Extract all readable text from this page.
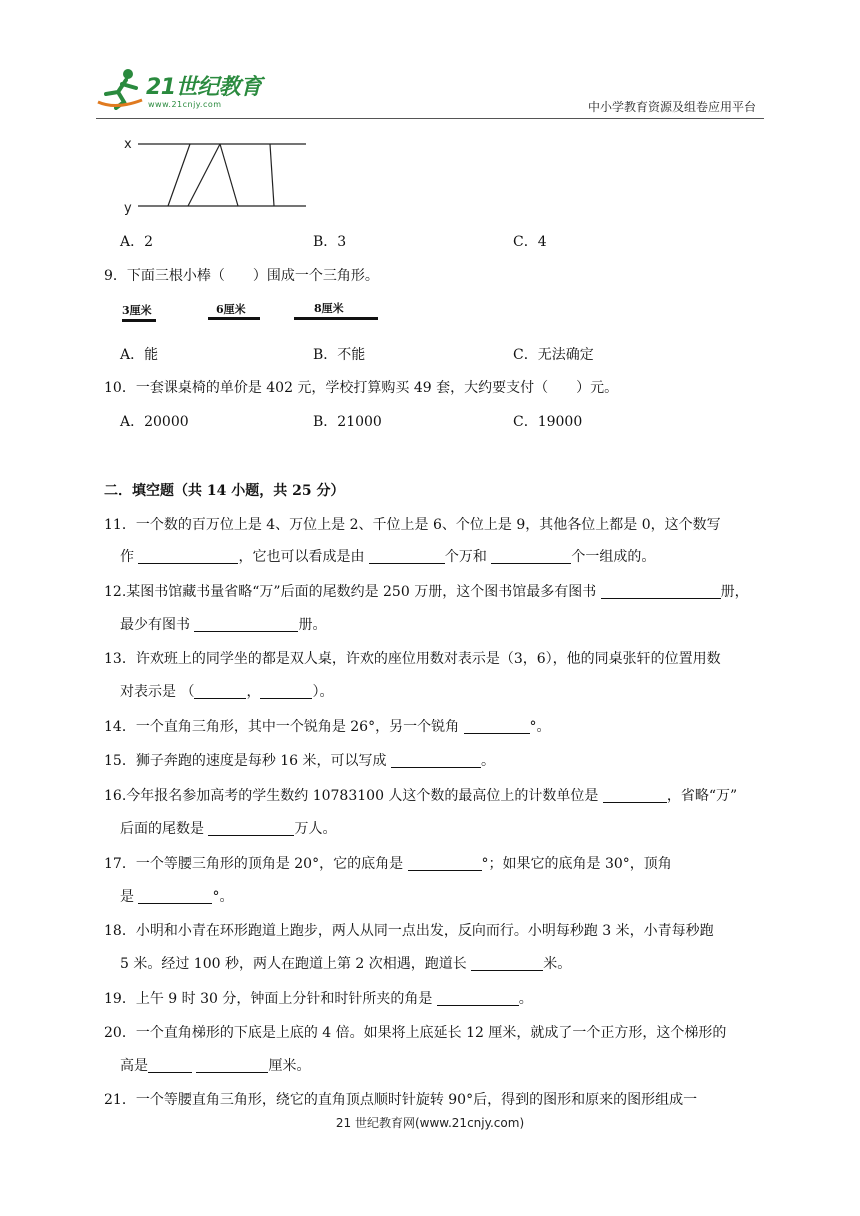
21世纪教育
www.21cnjy.com	中小学教育资源及组卷应用平台
x
y
A．2	B．3	C．4
9．下面三根小棒（　　）围成一个三角形。
3厘米	6厘米	8厘米
A．能	B．不能	C．无法确定
10．一套课桌椅的单价是 402 元，学校打算购买 49 套，大约要支付（　　）元。
A．20000	B．21000	C．19000
二．填空题（共 14 小题，共 25 分）
11．一个数的百万位上是 4、万位上是 2、千位上是 6、个位上是 9，其他各位上都是 0，这个数写
作	，它也可以看成是由	个万和	个一组成的。
12.某图书馆藏书量省略“万”后面的尾数约是 250 万册，这个图书馆最多有图书	册，
最少有图书	册。
13．许欢班上的同学坐的都是双人桌，许欢的座位用数对表示是（3，6），他的同桌张轩的位置用数
对表示是 （	，	）。
14．一个直角三角形，其中一个锐角是 26°，另一个锐角	°。
15．狮子奔跑的速度是每秒 16 米，可以写成	。
16.今年报名参加高考的学生数约 10783100 人这个数的最高位上的计数单位是	，省略“万”
后面的尾数是	万人。
17．一个等腰三角形的顶角是 20°，它的底角是	°；如果它的底角是 30°，顶角
是	°。
18．小明和小青在环形跑道上跑步，两人从同一点出发，反向而行。小明每秒跑 3 米，小青每秒跑
5 米。经过 100 秒，两人在跑道上第 2 次相遇，跑道长	米。
19．上午 9 时 30 分，钟面上分针和时针所夹的角是	。
20．一个直角梯形的下底是上底的 4 倍。如果将上底延长 12 厘米，就成了一个正方形，这个梯形的
高是	厘米。
21．一个等腰直角三角形，绕它的直角顶点顺时针旋转 90°后，得到的图形和原来的图形组成一
21 世纪教育网(www.21cnjy.com)
